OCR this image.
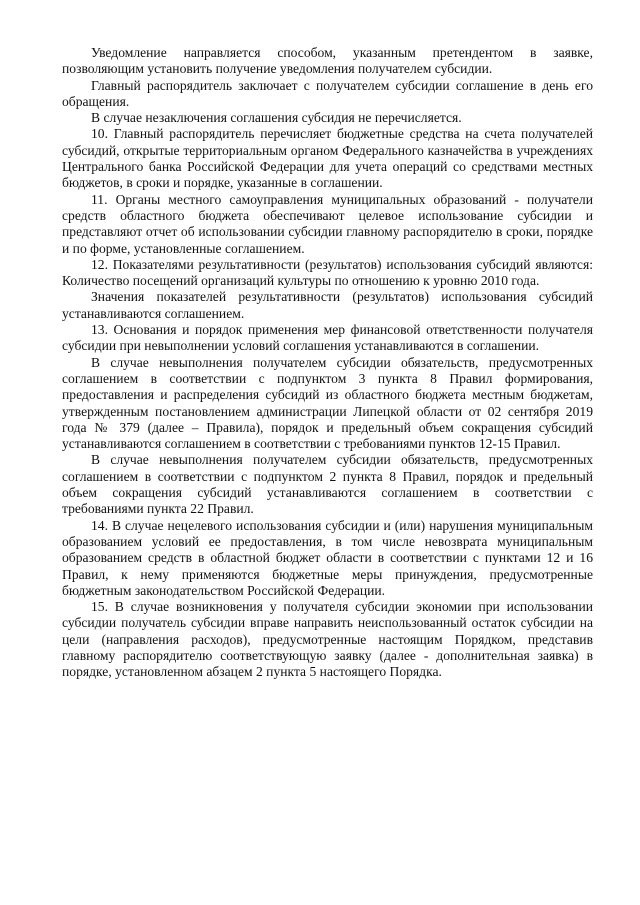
Уведомление направляется способом, указанным претендентом в заявке, позволяющим установить получение уведомления получателем субсидии.

Главный распорядитель заключает с получателем субсидии соглашение в день его обращения.

В случае незаключения соглашения субсидия не перечисляется.

10. Главный распорядитель перечисляет бюджетные средства на счета получателей субсидий, открытые территориальным органом Федерального казначейства в учреждениях Центрального банка Российской Федерации для учета операций со средствами местных бюджетов, в сроки и порядке, указанные в соглашении.

11. Органы местного самоуправления муниципальных образований - получатели средств областного бюджета обеспечивают целевое использование субсидии и представляют отчет об использовании субсидии главному распорядителю в сроки, порядке и по форме, установленные соглашением.

12. Показателями результативности (результатов) использования субсидий являются: Количество посещений организаций культуры по отношению к уровню 2010 года.

Значения показателей результативности (результатов) использования субсидий устанавливаются соглашением.

13. Основания и порядок применения мер финансовой ответственности получателя субсидии при невыполнении условий соглашения устанавливаются в соглашении.

В случае невыполнения получателем субсидии обязательств, предусмотренных соглашением в соответствии с подпунктом 3 пункта 8 Правил формирования, предоставления и распределения субсидий из областного бюджета местным бюджетам, утвержденным постановлением администрации Липецкой области от 02 сентября 2019 года № 379 (далее – Правила), порядок и предельный объем сокращения субсидий устанавливаются соглашением в соответствии с требованиями пунктов 12-15 Правил.

В случае невыполнения получателем субсидии обязательств, предусмотренных соглашением в соответствии с подпунктом 2 пункта 8 Правил, порядок и предельный объем сокращения субсидий устанавливаются соглашением в соответствии с требованиями пункта 22 Правил.

14. В случае нецелевого использования субсидии и (или) нарушения муниципальным образованием условий ее предоставления, в том числе невозврата муниципальным образованием средств в областной бюджет области в соответствии с пунктами 12 и 16 Правил, к нему применяются бюджетные меры принуждения, предусмотренные бюджетным законодательством Российской Федерации.

15. В случае возникновения у получателя субсидии экономии при использовании субсидии получатель субсидии вправе направить неиспользованный остаток субсидии на цели (направления расходов), предусмотренные настоящим Порядком, представив главному распорядителю соответствующую заявку (далее - дополнительная заявка) в порядке, установленном абзацем 2 пункта 5 настоящего Порядка.
